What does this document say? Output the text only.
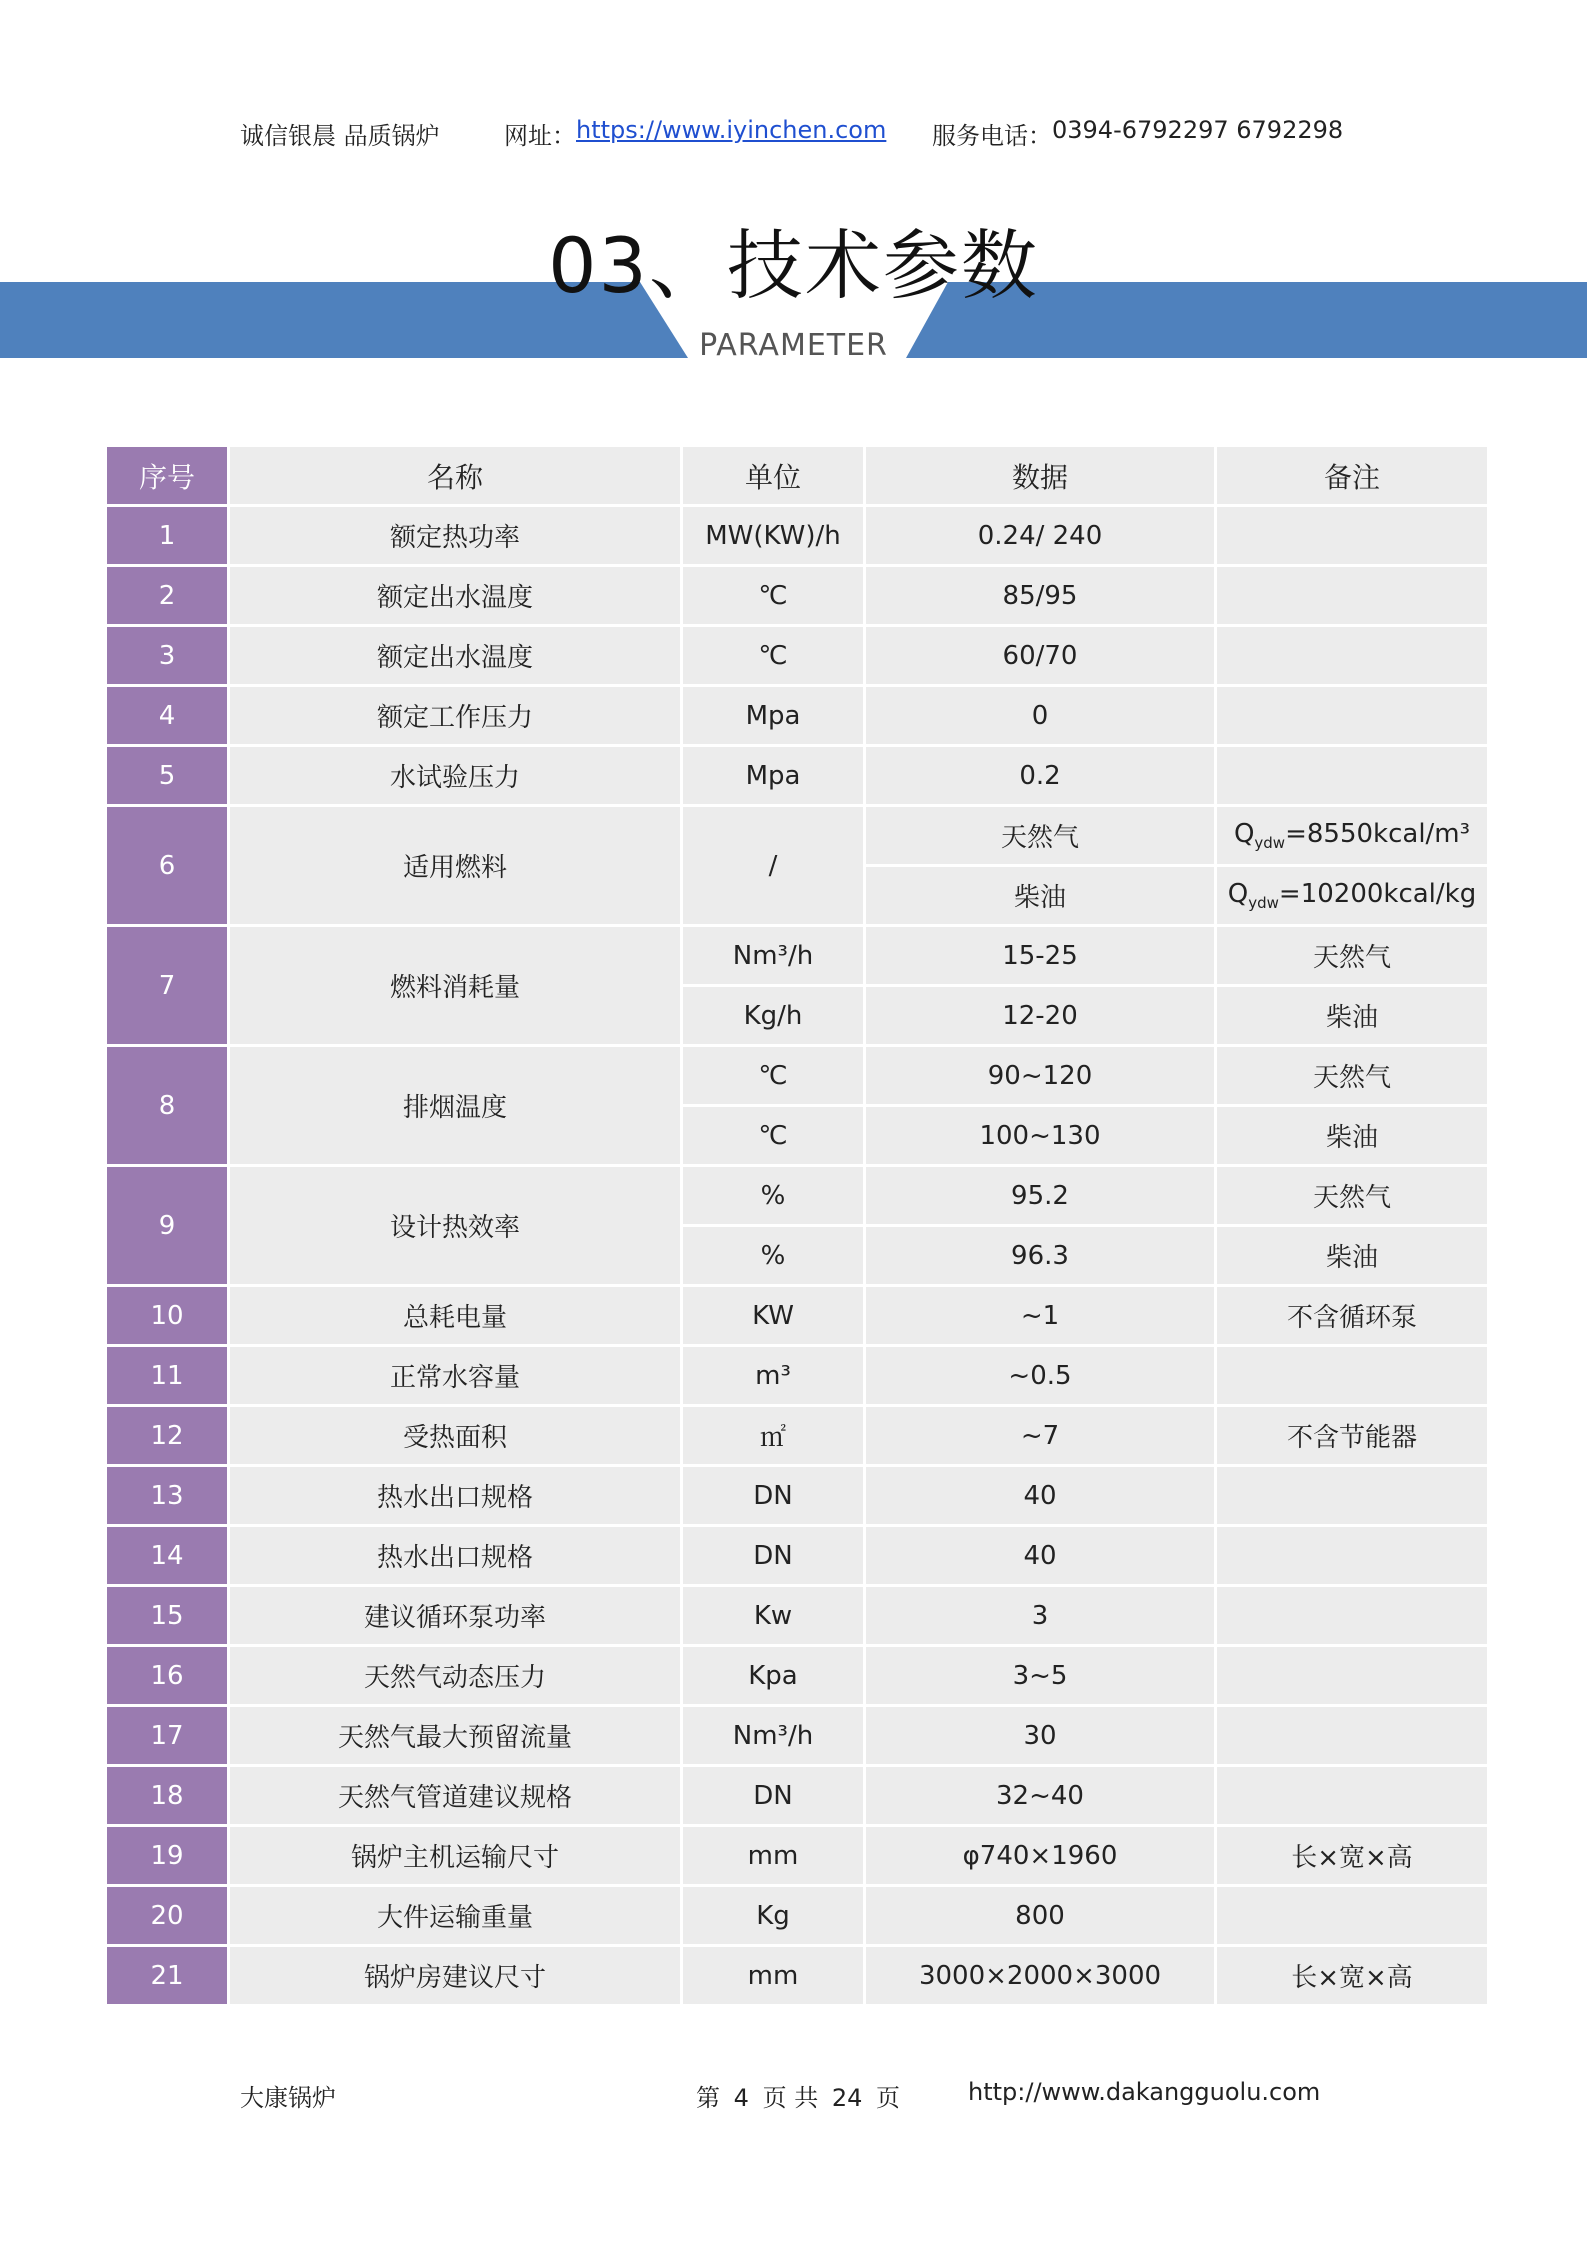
诚信银晨 品质锅炉	网址： https://www.iyinchen.com 服务电话： 0394-6792297 6792298
03、技术参数
PARAMETER
序号	名称	单位	数据	备注
1	额定热功率	MW(KW)/h	0.24/ 240	
2	额定出水温度	℃	85/95	
3	额定出水温度	℃	60/70	
4	额定工作压力	Mpa	0	
5	水试验压力	Mpa	0.2	
6	适用燃料	/	天然气	$Q_{ydw}=8550kcal/m^3$
			柴油	$Q_{ydw}=10200kcal/kg$
7	燃料消耗量	Nm³/h	15-25	天然气
		Kg/h	12-20	柴油
8	排烟温度	℃	90~120	天然气
		℃	100~130	柴油
9	设计热效率	%	95.2	天然气
		%	96.3	柴油
10	总耗电量	KW	~1	不含循环泵
11	正常水容量	m³	~0.5	
12	受热面积	㎡	~7	不含节能器
13	热水出口规格	DN	40	
14	热水出口规格	DN	40	
15	建议循环泵功率	Kw	3	
16	天然气动态压力	Kpa	3~5	
17	天然气最大预留流量	Nm³/h	30	
18	天然气管道建议规格	DN	32~40	
19	锅炉主机运输尺寸	mm	φ740×1960	长×宽×高
20	大件运输重量	Kg	800	
21	锅炉房建议尺寸	mm	3000×2000×3000	长×宽×高
大康锅炉	第 4 页 共 24 页	http://www.dakangguolu.com
